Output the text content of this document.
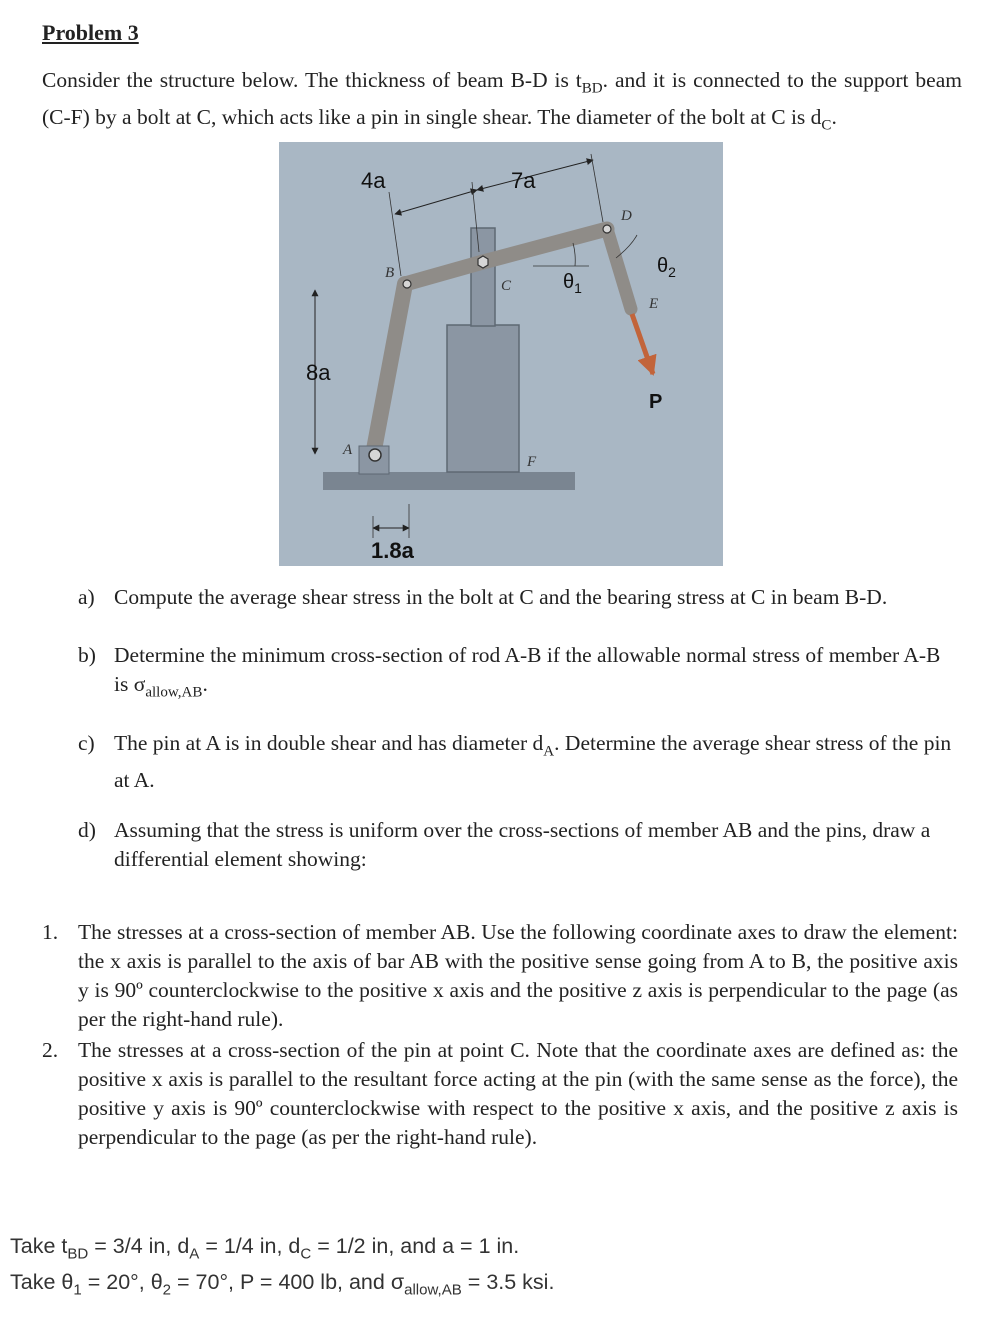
Problem 3
Consider the structure below. The thickness of beam B-D is $t_{BD}$. and it is connected to the support beam (C-F) by a bolt at C, which acts like a pin in single shear. The diameter of the bolt at C is $d_C$.
4a	7a
8a
1.8a
A
B
C
D
E
F
$\theta_1$
$\theta_2$
P
a) Compute the average shear stress in the bolt at C and the bearing stress at C in beam B-D.
b) Determine the minimum cross-section of rod A-B if the allowable normal stress of member A-B is $\sigma_{allow,AB}$.
c) The pin at A is in double shear and has diameter $d_A$. Determine the average shear stress of the pin at A.
d) Assuming that the stress is uniform over the cross-sections of member AB and the pins, draw a differential element showing:
1. The stresses at a cross-section of member AB. Use the following coordinate axes to draw the element: the x axis is parallel to the axis of bar AB with the positive sense going from A to B, the positive axis y is 90º counterclockwise to the positive x axis and the positive z axis is perpendicular to the page (as per the right-hand rule).
2. The stresses at a cross-section of the pin at point C. Note that the coordinate axes are defined as: the positive x axis is parallel to the resultant force acting at the pin (with the same sense as the force), the positive y axis is 90º counterclockwise with respect to the positive x axis, and the positive z axis is perpendicular to the page (as per the right-hand rule).
Take $t_{BD} = 3/4$ in, $d_A = 1/4$ in, $d_C = 1/2$ in, and a = 1 in.
Take $\theta_1 = 20^\circ$, $\theta_2 = 70^\circ$, P = 400 lb, and $\sigma_{allow,AB} = 3.5$ ksi.
